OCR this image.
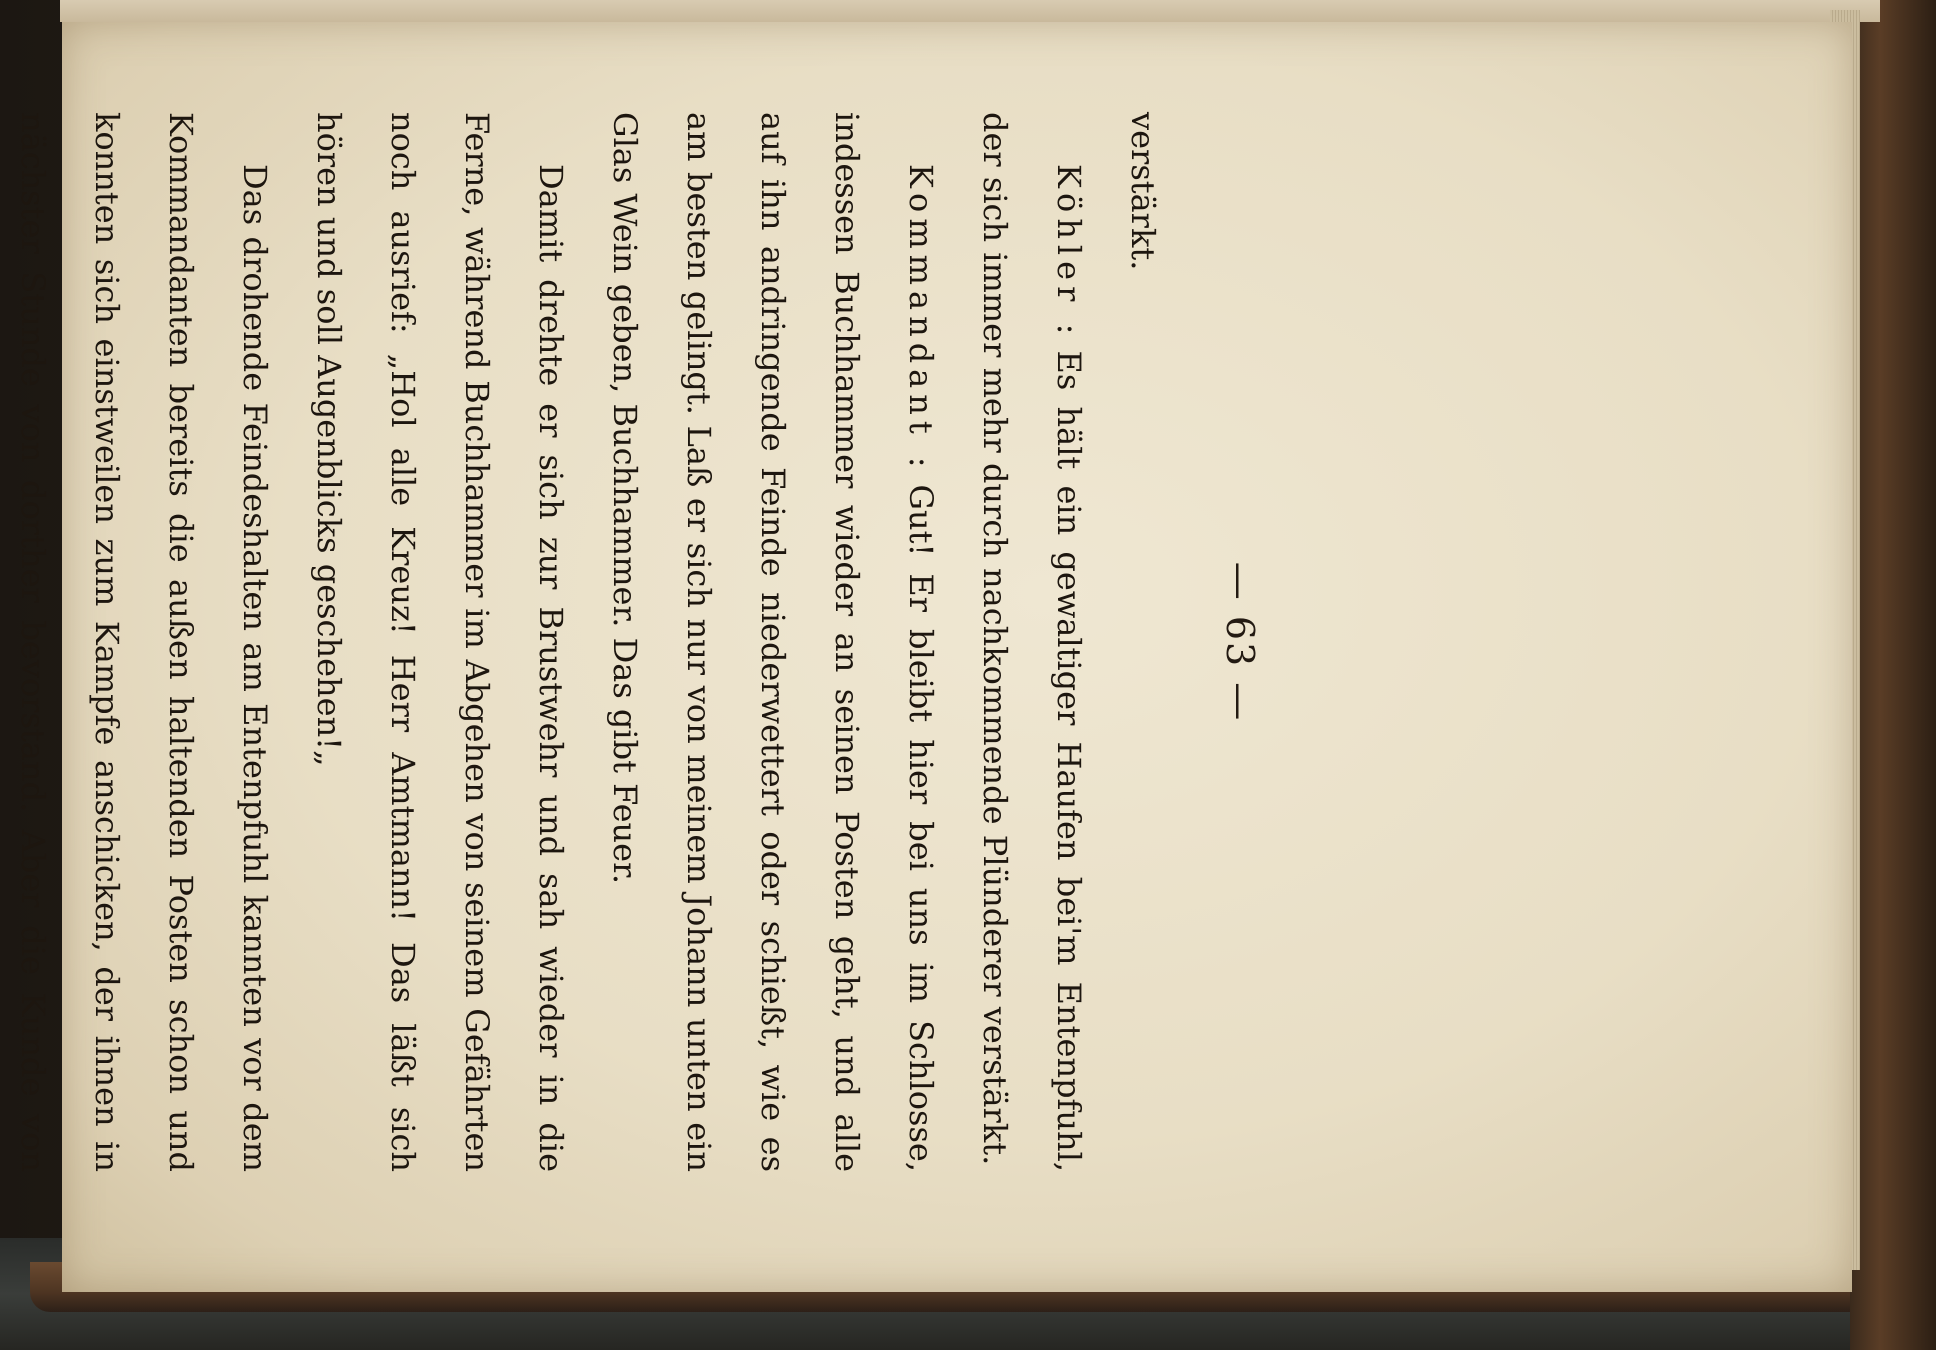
— 63 —

verstärkt.

Köhler : Es hält ein gewaltiger Haufen bei'm Entenpfuhl, der sich immer mehr durch nachkommende Plünderer verstärkt.

Kommandant : Gut! Er bleibt hier bei uns im Schlosse, indessen Buchhammer wieder an seinen Posten geht, und alle auf ihn andringende Feinde niederwettert oder schießt, wie es am besten gelingt. Laß er sich nur von meinem Johann unten ein Glas Wein geben, Buchhammer. Das gibt Feuer.

Damit drehte er sich zur Brustwehr und sah wieder in die Ferne, während Buchhammer im Abgehen von seinem Gefährten noch ausrief: „Hol alle Kreuz! Herr Amtmann! Das läßt sich hören und soll Augenblicks geschehen!„

Das drohende Feindeshalten am Entenpfuhl kannten vor dem Kommandanten bereits die außen haltenden Posten schon und konnten sich einstweilen zum Kampfe anschicken, der ihnen in nächster Stunde von dorther bevorstand. Aber die Kunde von
